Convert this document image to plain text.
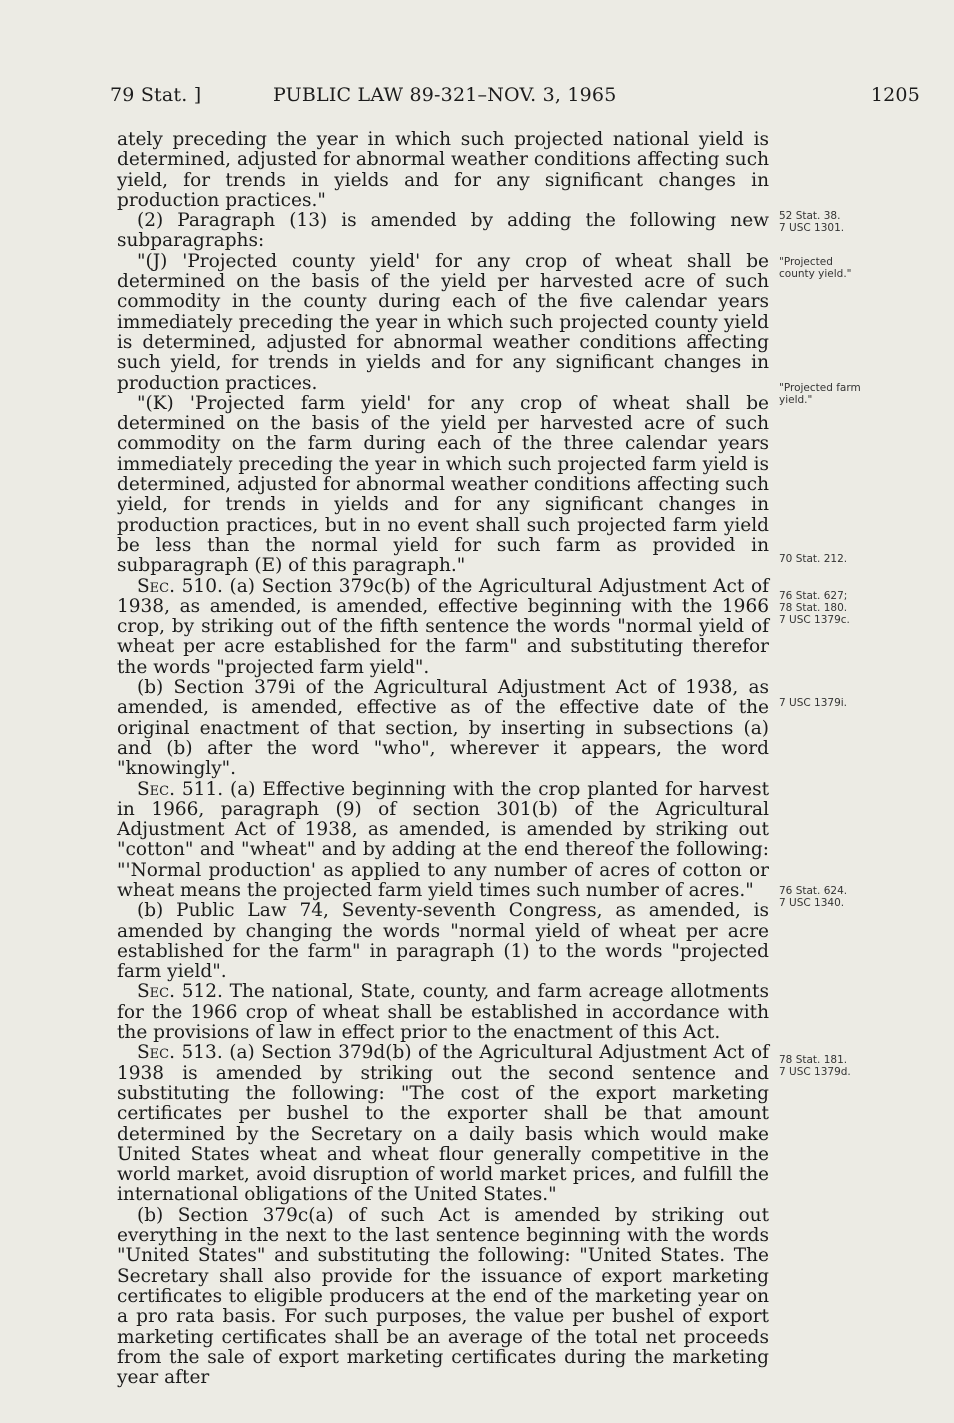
79 Stat. ]	PUBLIC LAW 89-321–NOV. 3, 1965	1205

ately preceding the year in which such projected national yield is determined, adjusted for abnormal weather conditions affecting such yield, for trends in yields and for any significant changes in production practices."

(2) Paragraph (13) is amended by adding the following new subparagraphs:

"(J) 'Projected county yield' for any crop of wheat shall be determined on the basis of the yield per harvested acre of such commodity in the county during each of the five calendar years immediately preceding the year in which such projected county yield is determined, adjusted for abnormal weather conditions affecting such yield, for trends in yields and for any significant changes in production practices.

"(K) 'Projected farm yield' for any crop of wheat shall be determined on the basis of the yield per harvested acre of such commodity on the farm during each of the three calendar years immediately preceding the year in which such projected farm yield is determined, adjusted for abnormal weather conditions affecting such yield, for trends in yields and for any significant changes in production practices, but in no event shall such projected farm yield be less than the normal yield for such farm as provided in subparagraph (E) of this paragraph."

Sec. 510. (a) Section 379c(b) of the Agricultural Adjustment Act of 1938, as amended, is amended, effective beginning with the 1966 crop, by striking out of the fifth sentence the words "normal yield of wheat per acre established for the farm" and substituting therefor the words "projected farm yield".

(b) Section 379i of the Agricultural Adjustment Act of 1938, as amended, is amended, effective as of the effective date of the original enactment of that section, by inserting in subsections (a) and (b) after the word "who", wherever it appears, the word "knowingly".

Sec. 511. (a) Effective beginning with the crop planted for harvest in 1966, paragraph (9) of section 301(b) of the Agricultural Adjustment Act of 1938, as amended, is amended by striking out "cotton" and "wheat" and by adding at the end thereof the following: "'Normal production' as applied to any number of acres of cotton or wheat means the projected farm yield times such number of acres."

(b) Public Law 74, Seventy-seventh Congress, as amended, is amended by changing the words "normal yield of wheat per acre established for the farm" in paragraph (1) to the words "projected farm yield".

Sec. 512. The national, State, county, and farm acreage allotments for the 1966 crop of wheat shall be established in accordance with the provisions of law in effect prior to the enactment of this Act.

Sec. 513. (a) Section 379d(b) of the Agricultural Adjustment Act of 1938 is amended by striking out the second sentence and substituting the following: "The cost of the export marketing certificates per bushel to the exporter shall be that amount determined by the Secretary on a daily basis which would make United States wheat and wheat flour generally competitive in the world market, avoid disruption of world market prices, and fulfill the international obligations of the United States."

(b) Section 379c(a) of such Act is amended by striking out everything in the next to the last sentence beginning with the words "United States" and substituting the following: "United States. The Secretary shall also provide for the issuance of export marketing certificates to eligible producers at the end of the marketing year on a pro rata basis. For such purposes, the value per bushel of export marketing certificates shall be an average of the total net proceeds from the sale of export marketing certificates during the marketing year after

52 Stat. 38.
7 USC 1301.
"Projected
county yield."
"Projected farm
yield."
70 Stat. 212.
76 Stat. 627;
78 Stat. 180.
7 USC 1379c.
7 USC 1379i.
76 Stat. 624.
7 USC 1340.
78 Stat. 181.
7 USC 1379d.
